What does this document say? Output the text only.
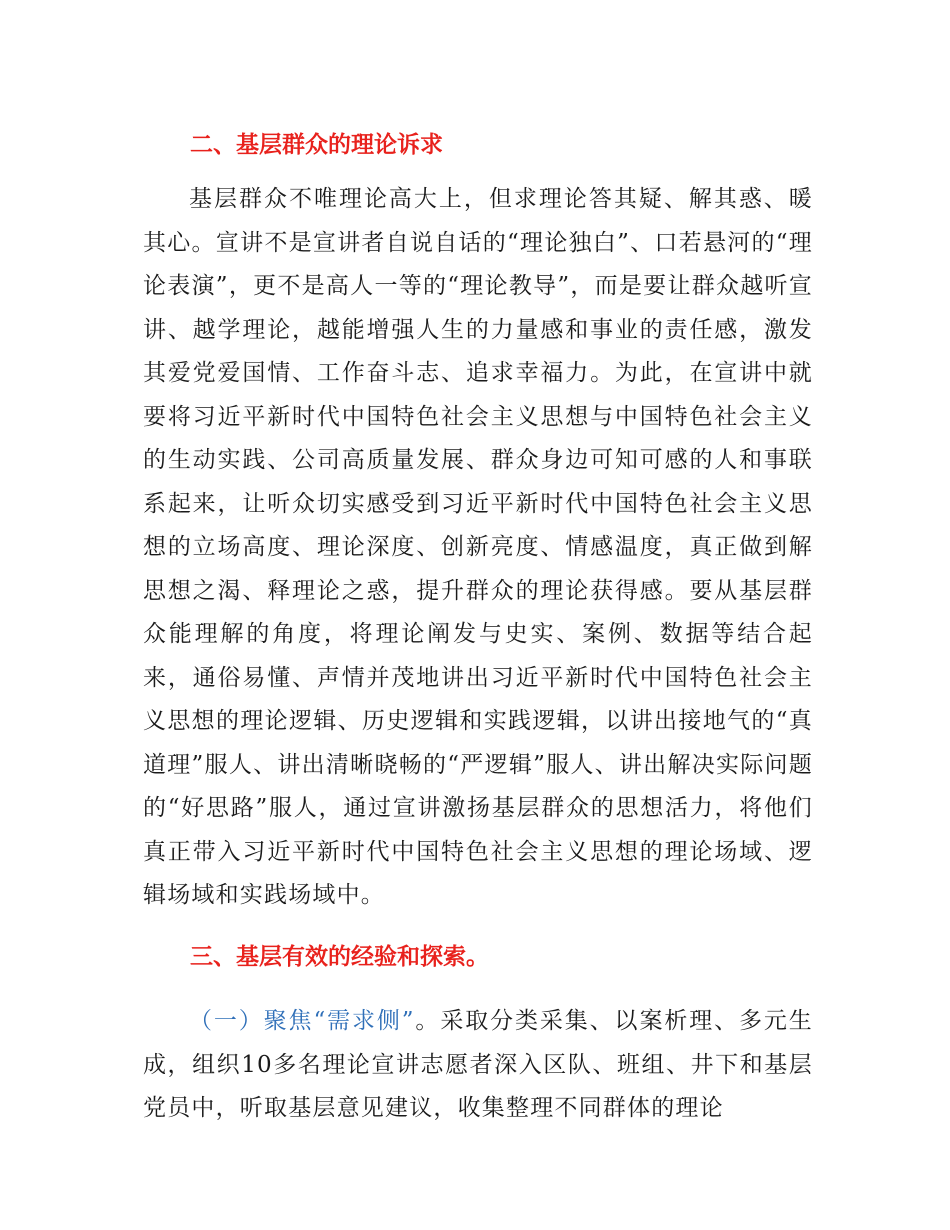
二、基层群众的理论诉求

基层群众不唯理论高大上，但求理论答其疑、解其惑、暖其心。宣讲不是宣讲者自说自话的“理论独白”、口若悬河的“理论表演”，更不是高人一等的“理论教导”，而是要让群众越听宣讲、越学理论，越能增强人生的力量感和事业的责任感，激发其爱党爱国情、工作奋斗志、追求幸福力。为此，在宣讲中就要将习近平新时代中国特色社会主义思想与中国特色社会主义的生动实践、公司高质量发展、群众身边可知可感的人和事联系起来，让听众切实感受到习近平新时代中国特色社会主义思想的立场高度、理论深度、创新亮度、情感温度，真正做到解思想之渴、释理论之惑，提升群众的理论获得感。要从基层群众能理解的角度，将理论阐发与史实、案例、数据等结合起来，通俗易懂、声情并茂地讲出习近平新时代中国特色社会主义思想的理论逻辑、历史逻辑和实践逻辑，以讲出接地气的“真道理”服人、讲出清晰晓畅的“严逻辑”服人、讲出解决实际问题的“好思路”服人，通过宣讲激扬基层群众的思想活力，将他们真正带入习近平新时代中国特色社会主义思想的理论场域、逻辑场域和实践场域中。

三、基层有效的经验和探索。

（一）聚焦“需求侧”。采取分类采集、以案析理、多元生成，组织10多名理论宣讲志愿者深入区队、班组、井下和基层党员中，听取基层意见建议，收集整理不同群体的理论
